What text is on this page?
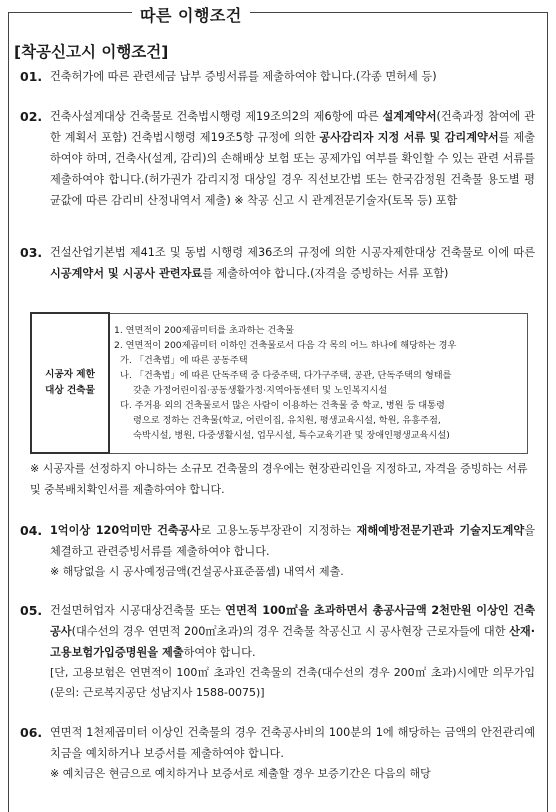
따른 이행조건
[착공신고시 이행조건]
01. 건축허가에 따른 관련세금 납부 증빙서류를 제출하여야 합니다.(각종 면허세 등)
02. 건축사설계대상 건축물로 건축법시행령 제19조의2의 제6항에 따른 설계계약서(건축과정 참여에 관한 계획서 포함) 건축법시행령 제19조5항 규정에 의한 공사감리자 지정 서류 및 감리계약서를 제출하여야 하며, 건축사(설계, 감리)의 손해배상 보험 또는 공제가입 여부를 확인할 수 있는 관련 서류를 제출하여야 합니다.(허가권가 감리지정 대상일 경우 직선보간법 또는 한국감정원 건축물 용도별 평균값에 따른 감리비 산정내역서 제출) ※ 착공 신고 시 관계전문기술자(토목 등) 포함
03. 건설산업기본법 제41조 및 동법 시행령 제36조의 규정에 의한 시공자제한대상 건축물로 이에 따른 시공계약서 및 시공사 관련자료를 제출하여야 합니다.(자격을 증빙하는 서류 포함)
시공자 제한
대상 건축물	
1. 연면적이 200제곱미터를 초과하는 건축물
2. 연면적이 200제곱미터 이하인 건축물로서 다음 각 목의 어느 하나에 해당하는 경우
가. 「건축법」에 따른 공동주택
나. 「건축법」에 따른 단독주택 중 다중주택, 다가구주택, 공관, 단독주택의 형태를
갖춘 가정어린이집·공동생활가정·지역아동센터 및 노인복지시설
다. 주거용 외의 건축물로서 많은 사람이 이용하는 건축물 중 학교, 병원 등 대통령
령으로 정하는 건축물(학교, 어린이집, 유치원, 평생교육시설, 학원, 유흥주점,
숙박시설, 병원, 다중생활시설, 업무시설, 특수교육기관 및 장애인평생교육시설)
※ 시공자를 선정하지 아니하는 소규모 건축물의 경우에는 현장관리인을 지정하고, 자격을 증빙하는 서류 및 중복배치확인서를 제출하여야 합니다.
04. 1억이상 120억미만 건축공사로 고용노동부장관이 지정하는 재해예방전문기관과 기술지도계약을 체결하고 관련증빙서류를 제출하여야 합니다.
※ 해당없을 시 공사예정금액(건설공사표준품셈) 내역서 제출.
05. 건설면허업자 시공대상건축물 또는 연면적 100㎡을 초과하면서 총공사금액 2천만원 이상인 건축공사(대수선의 경우 연면적 200㎡초과)의 경우 건축물 착공신고 시 공사현장 근로자들에 대한 산재·고용보험가입증명원을 제출하여야 합니다.
[단, 고용보험은 연면적이 100㎡ 초과인 건축물의 건축(대수선의 경우 200㎡ 초과)시에만 의무가입(문의: 근로복지공단 성남지사 1588-0075)]
06. 연면적 1천제곱미터 이상인 건축물의 경우 건축공사비의 100분의 1에 해당하는 금액의 안전관리예치금을 예치하거나 보증서를 제출하여야 합니다.
※ 예치금은 현금으로 예치하거나 보증서로 제출할 경우 보증기간은 다음의 해당
